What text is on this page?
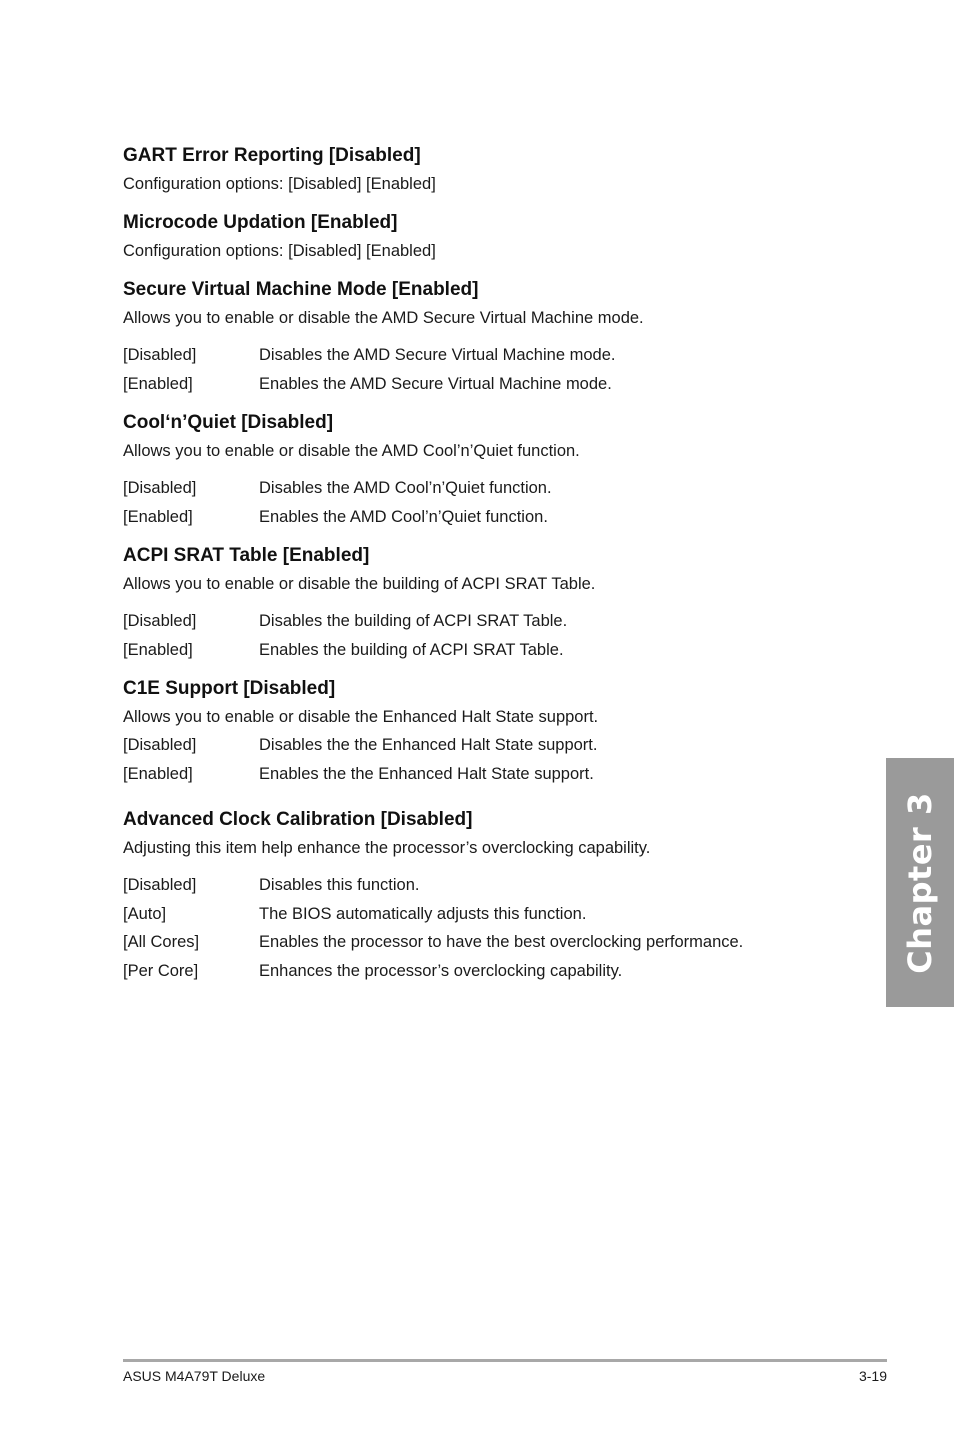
GART Error Reporting [Disabled]

Configuration options: [Disabled] [Enabled]

Microcode Updation [Enabled]

Configuration options: [Disabled] [Enabled]

Secure Virtual Machine Mode [Enabled]

Allows you to enable or disable the AMD Secure Virtual Machine mode.

[Disabled]	Disables the AMD Secure Virtual Machine mode.
[Enabled]	Enables the AMD Secure Virtual Machine mode.

Cool‘n’Quiet [Disabled]

Allows you to enable or disable the AMD Cool’n’Quiet function.

[Disabled]	Disables the AMD Cool’n’Quiet function.
[Enabled]	Enables the AMD Cool’n’Quiet function.

ACPI SRAT Table [Enabled]

Allows you to enable or disable the building of ACPI SRAT Table.

[Disabled]	Disables the building of ACPI SRAT Table.
[Enabled]	Enables the building of ACPI SRAT Table.

C1E Support [Disabled]

Allows you to enable or disable the Enhanced Halt State support.

[Disabled]	Disables the the Enhanced Halt State support.
[Enabled]	Enables the the Enhanced Halt State support.

Advanced Clock Calibration [Disabled]

Adjusting this item help enhance the processor’s overclocking capability.

[Disabled]	Disables this function.
[Auto]	The BIOS automatically adjusts this function.
[All Cores]	Enables the processor to have the best overclocking performance.
[Per Core]	Enhances the processor’s overclocking capability.	Chapter 3
ASUS M4A79T Deluxe	3-19
